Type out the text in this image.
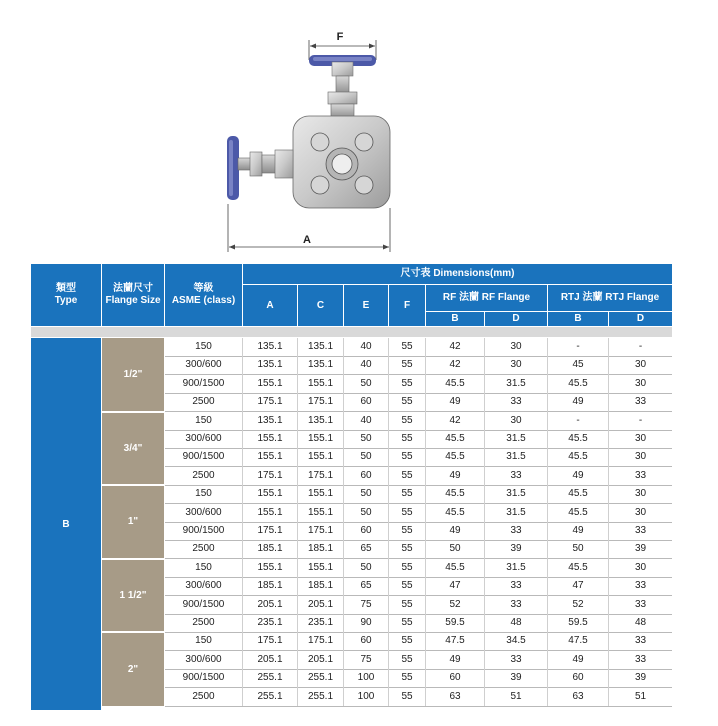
F
A
類型
Type
法蘭尺寸
Flange Size
等級
ASME (class)
尺寸表 Dimensions(mm)
A	C	E	F
RF 法蘭 RF Flange	RTJ 法蘭 RTJ Flange
B	D	B	D
B
1/2"
150	135.1	135.1	40	55	42	30	-	-
300/600	135.1	135.1	40	55	42	30	45	30
900/1500	155.1	155.1	50	55	45.5	31.5	45.5	30
2500	175.1	175.1	60	55	49	33	49	33
3/4"
150	135.1	135.1	40	55	42	30	-	-
300/600	155.1	155.1	50	55	45.5	31.5	45.5	30
900/1500	155.1	155.1	50	55	45.5	31.5	45.5	30
2500	175.1	175.1	60	55	49	33	49	33
1"
150	155.1	155.1	50	55	45.5	31.5	45.5	30
300/600	155.1	155.1	50	55	45.5	31.5	45.5	30
900/1500	175.1	175.1	60	55	49	33	49	33
2500	185.1	185.1	65	55	50	39	50	39
1 1/2"
150	155.1	155.1	50	55	45.5	31.5	45.5	30
300/600	185.1	185.1	65	55	47	33	47	33
900/1500	205.1	205.1	75	55	52	33	52	33
2500	235.1	235.1	90	55	59.5	48	59.5	48
2"
150	175.1	175.1	60	55	47.5	34.5	47.5	33
300/600	205.1	205.1	75	55	49	33	49	33
900/1500	255.1	255.1	100	55	60	39	60	39
2500	255.1	255.1	100	55	63	51	63	51
